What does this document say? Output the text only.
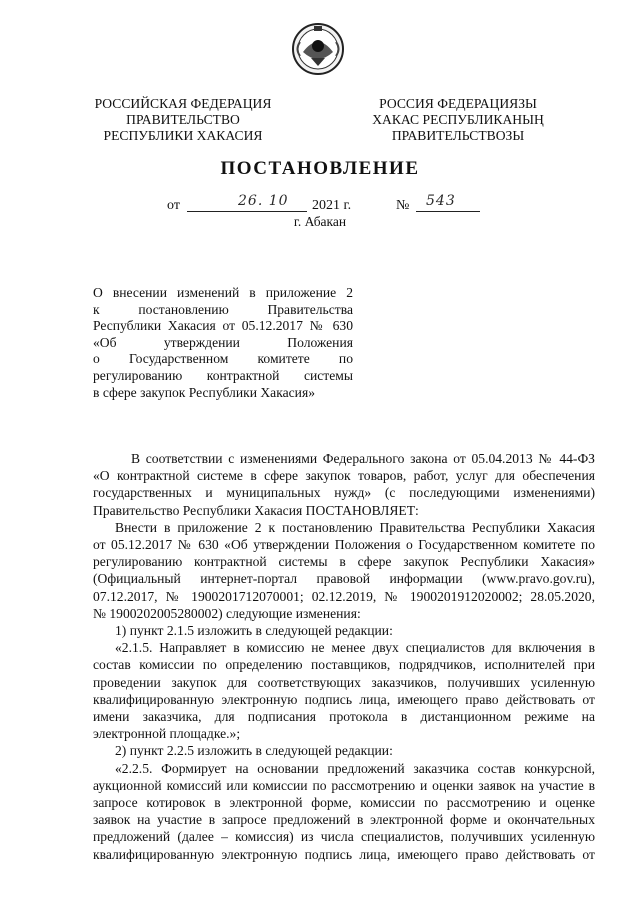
РОССИЙСКАЯ ФЕДЕРАЦИЯ
ПРАВИТЕЛЬСТВО
РЕСПУБЛИКИ ХАКАСИЯ
РОССИЯ ФЕДЕРАЦИЯЗЫ
ХАКАС РЕСПУБЛИКАНЫҢ
ПРАВИТЕЛЬСТВОЗЫ
ПОСТАНОВЛЕНИЕ
от	26. 10 2021 г.	№ 543
г. Абакан
О внесении изменений в приложение 2
к постановлению Правительства
Республики Хакасия от 05.12.2017 № 630
«Об утверждении Положения
о Государственном комитете по
регулированию контрактной системы
в сфере закупок Республики Хакасия»
В соответствии с изменениями Федерального закона от 05.04.2013 № 44-ФЗ
«О контрактной системе в сфере закупок товаров, работ, услуг для обеспечения
государственных и муниципальных нужд» (с последующими изменениями)
Правительство Республики Хакасия ПОСТАНОВЛЯЕТ:
Внести в приложение 2 к постановлению Правительства Республики Хакасия
от 05.12.2017 № 630 «Об утверждении Положения о Государственном комитете по
регулированию контрактной системы в сфере закупок Республики Хакасия»
(Официальный интернет-портал правовой информации (www.pravo.gov.ru),
07.12.2017, № 1900201712070001; 02.12.2019, № 1900201912020002; 28.05.2020,
№ 1900202005280002) следующие изменения:
1) пункт 2.1.5 изложить в следующей редакции:
«2.1.5. Направляет в комиссию не менее двух специалистов для включения в
состав комиссии по определению поставщиков, подрядчиков, исполнителей при
проведении закупок для соответствующих заказчиков, получивших усиленную
квалифицированную электронную подпись лица, имеющего право действовать от
имени заказчика, для подписания протокола в дистанционном режиме на
электронной площадке.»;
2) пункт 2.2.5 изложить в следующей редакции:
«2.2.5. Формирует на основании предложений заказчика состав конкурсной,
аукционной комиссий или комиссии по рассмотрению и оценки заявок на участие в
запросе котировок в электронной форме, комиссии по рассмотрению и оценке
заявок на участие в запросе предложений в электронной форме и окончательных
предложений (далее – комиссия) из числа специалистов, получивших усиленную
квалифицированную электронную подпись лица, имеющего право действовать от
